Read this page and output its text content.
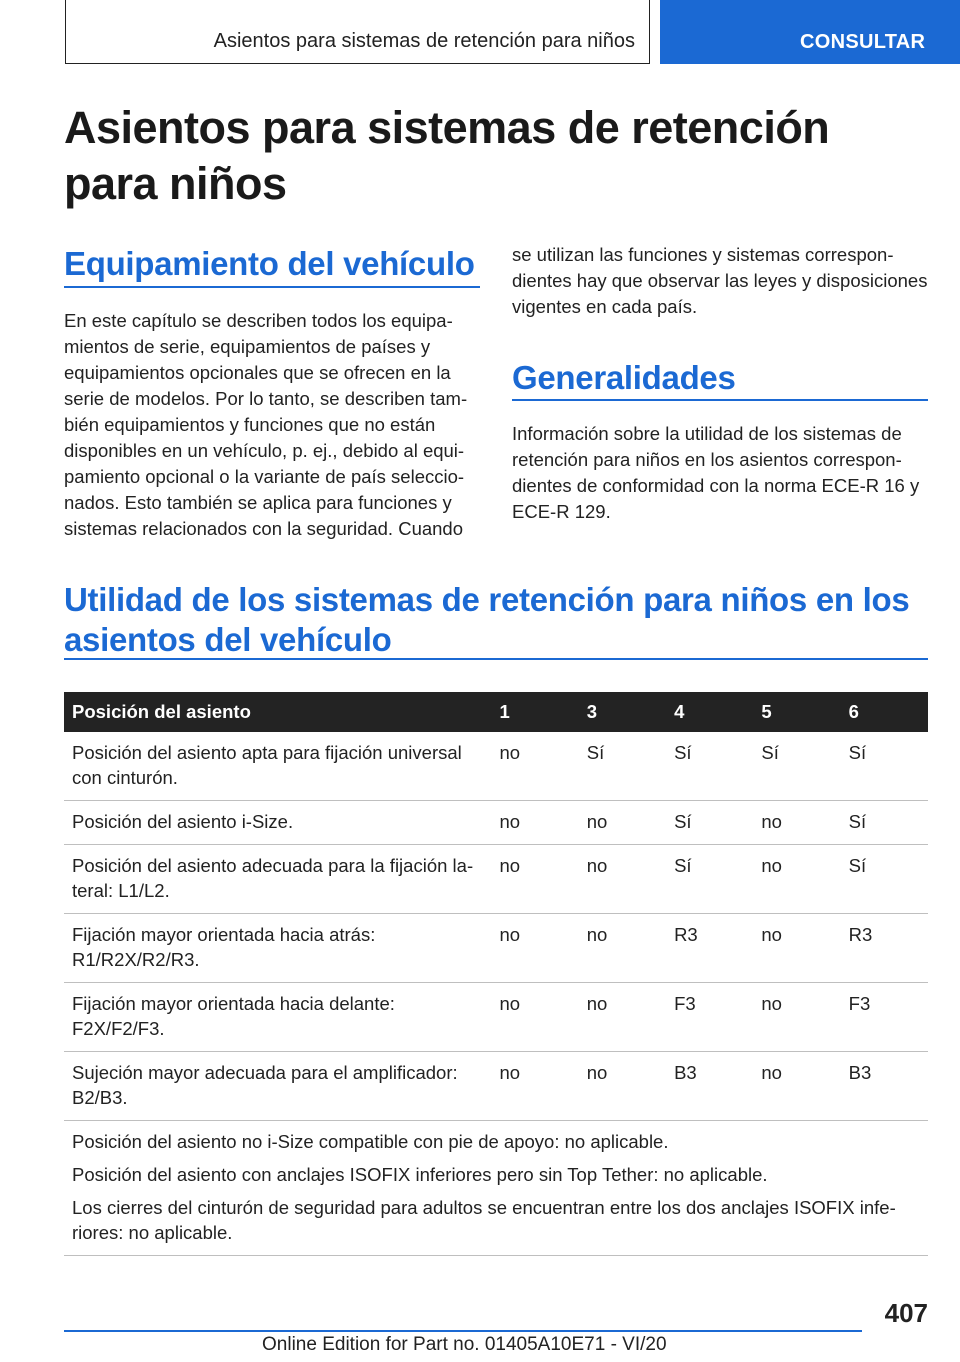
Asientos para sistemas de retención para niños	CONSULTAR
Asientos para sistemas de retención para niños
Equipamiento del vehículo

En este capítulo se describen todos los equipamientos de serie, equipamientos de países y equipamientos opcionales que se ofrecen en la serie de modelos. Por lo tanto, se describen también equipamientos y funciones que no están disponibles en un vehículo, p. ej., debido al equipamiento opcional o la variante de país seleccionados. Esto también se aplica para funciones y sistemas relacionados con la seguridad. Cuando

se utilizan las funciones y sistemas correspondientes hay que observar las leyes y disposiciones vigentes en cada país.

Generalidades

Información sobre la utilidad de los sistemas de retención para niños en los asientos correspondientes de conformidad con la norma ECE-R 16 y ECE-R 129.

Utilidad de los sistemas de retención para niños en los asientos del vehículo
Posición del asiento	1	3	4	5	6
Posición del asiento apta para fijación universal con cinturón.	no	Sí	Sí	Sí	Sí
Posición del asiento i-Size.	no	no	Sí	no	Sí
Posición del asiento adecuada para la fijación lateral: L1/L2.	no	no	Sí	no	Sí
Fijación mayor orientada hacia atrás: R1/R2X/R2/R3.	no	no	R3	no	R3
Fijación mayor orientada hacia delante: F2X/F2/F3.	no	no	F3	no	F3
Sujeción mayor adecuada para el amplificador: B2/B3.	no	no	B3	no	B3

Posición del asiento no i-Size compatible con pie de apoyo: no aplicable.

Posición del asiento con anclajes ISOFIX inferiores pero sin Top Tether: no aplicable.

Los cierres del cinturón de seguridad para adultos se encuentran entre los dos anclajes ISOFIX inferiores: no aplicable.					

407
Online Edition for Part no. 01405A10E71 - VI/20
